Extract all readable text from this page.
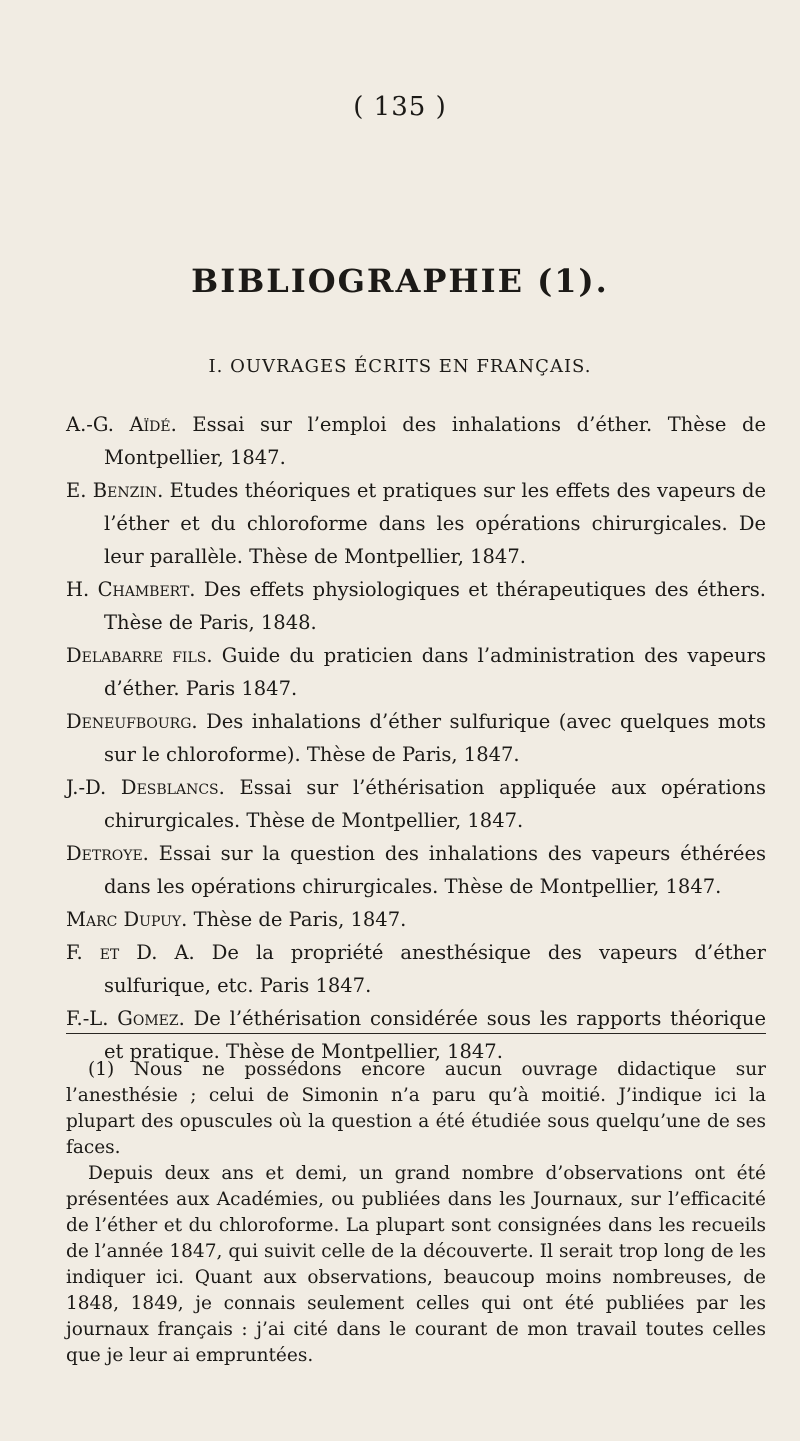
( 135 )
BIBLIOGRAPHIE (1).
I. OUVRAGES ÉCRITS EN FRANÇAIS.
A.-G. Aïdé. Essai sur l’emploi des inhalations d’éther. Thèse de Montpellier, 1847.
E. Benzin. Etudes théoriques et pratiques sur les effets des vapeurs de l’éther et du chloroforme dans les opérations chirurgicales. De leur parallèle. Thèse de Montpellier, 1847.
H. Chambert. Des effets physiologiques et thérapeutiques des éthers. Thèse de Paris, 1848.
Delabarre fils. Guide du praticien dans l’administration des vapeurs d’éther. Paris 1847.
Deneufbourg. Des inhalations d’éther sulfurique (avec quelques mots sur le chloroforme). Thèse de Paris, 1847.
J.-D. Desblancs. Essai sur l’éthérisation appliquée aux opérations chirurgicales. Thèse de Montpellier, 1847.
Detroye. Essai sur la question des inhalations des vapeurs éthérées dans les opérations chirurgicales. Thèse de Montpellier, 1847.
Marc Dupuy. Thèse de Paris, 1847.
F. et D. A. De la propriété anesthésique des vapeurs d’éther sulfurique, etc. Paris 1847.
F.-L. Gomez. De l’éthérisation considérée sous les rapports théorique et pratique. Thèse de Montpellier, 1847.

(1) Nous ne possédons encore aucun ouvrage didactique sur l’anesthésie ; celui de Simonin n’a paru qu’à moitié. J’indique ici la plupart des opuscules où la question a été étudiée sous quelqu’une de ses faces.

Depuis deux ans et demi, un grand nombre d’observations ont été présentées aux Académies, ou publiées dans les Journaux, sur l’efficacité de l’éther et du chloroforme. La plupart sont consignées dans les recueils de l’année 1847, qui suivit celle de la découverte. Il serait trop long de les indiquer ici. Quant aux observations, beaucoup moins nombreuses, de 1848, 1849, je connais seulement celles qui ont été publiées par les journaux français : j’ai cité dans le courant de mon travail toutes celles que je leur ai empruntées.
